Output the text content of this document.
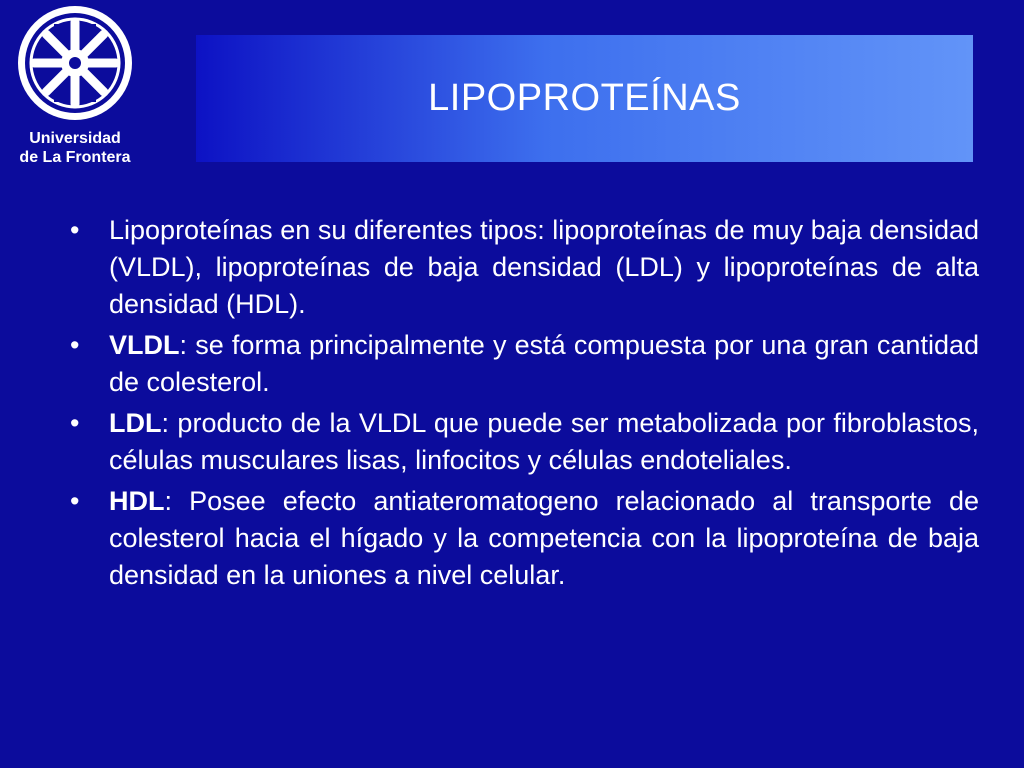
Universidad
de La Frontera
LIPOPROTEÍNAS
• Lipoproteínas en su diferentes tipos: lipoproteínas de muy baja densidad (VLDL), lipoproteínas de baja densidad (LDL) y lipoproteínas de alta densidad (HDL).
• VLDL: se forma principalmente y está compuesta por una gran cantidad de colesterol.
• LDL: producto de la VLDL que puede ser metabolizada por fibroblastos, células musculares lisas, linfocitos y células endoteliales.
• HDL: Posee efecto antiateromatogeno relacionado al transporte de colesterol hacia el hígado y la competencia con la lipoproteína de baja densidad en la uniones a nivel celular.
